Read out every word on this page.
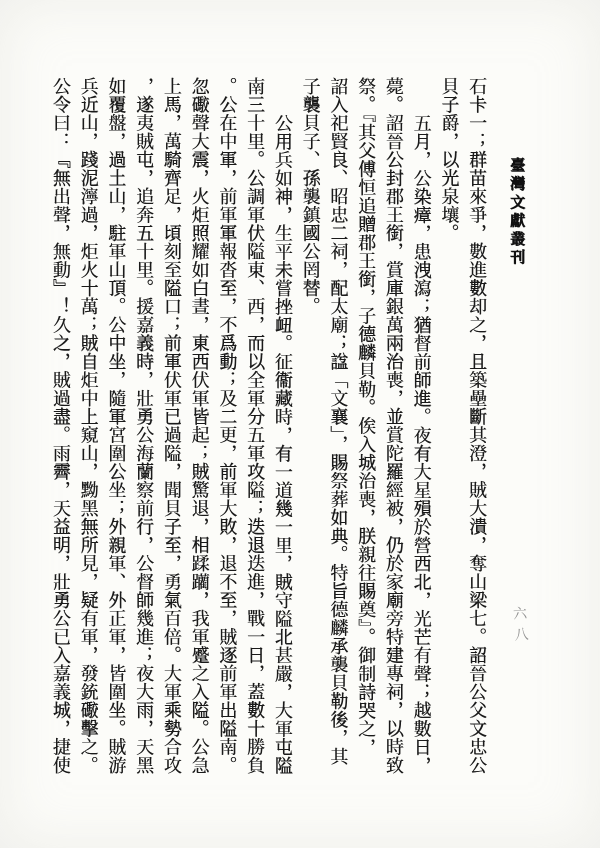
臺灣文獻叢刊
六八
石卡一；群苗來爭，數進數却之，且築壘斷其澄，賊大潰，奪山梁七。詔晉公父文忠公
貝子爵，以光泉壤。
五月，公染瘴，患洩瀉；猶督前師進。夜有大星殞於營西北，光芒有聲；越數日，
薨。詔晉公封郡王銜，賞庫銀萬兩治喪，並賞陀羅經被，仍於家廟旁特建專祠，以時致
祭。『其父傅恒追贈郡王銜，子德麟貝勒。俟入城治喪，朕親往賜奠』。御制詩哭之，
詔入祀賢良、昭忠二祠，配太廟；諡「文襄」，賜祭葬如典。特旨德麟承襲貝勒後，其
子襲貝子、孫襲鎮國公罔替。
公用兵如神，生平未嘗挫衄。征衞藏時，有一道幾一里，賊守隘北甚嚴，大軍屯隘
南三十里。公調軍伏隘東、西，而以全軍分五軍攻隘；迭退迭進，戰一日，蓋數十勝負
。公在中軍，前軍軍報沓至，不爲動；及二更，前軍大敗，退不至，賊逐前軍出隘南。
忽礮聲大震，火炬照耀如白晝，東西伏軍皆起；賊驚退，相蹂躪，我軍蹙之入隘。公急
上馬，萬騎齊足，頃刻至隘口；前軍伏軍已過隘，聞貝子至，勇氣百倍。大軍乘勢合攻
，遂夷賊屯，追奔五十里。援嘉義時，壯勇公海蘭察前行，公督師幾進；夜大雨，天黑
如覆盤，過土山，駐軍山頂。公中坐，隨軍宮圍公坐；外親軍、外正軍，皆圍坐。賊游
兵近山，踐泥濘過，炬火十萬；賊自炬中上窺山，黝黑無所見，疑有軍，發銃礮擊之。
公令曰：『無出聲，無動』！久之，賊過盡。雨霽，天益明，壯勇公已入嘉義城，捷使
